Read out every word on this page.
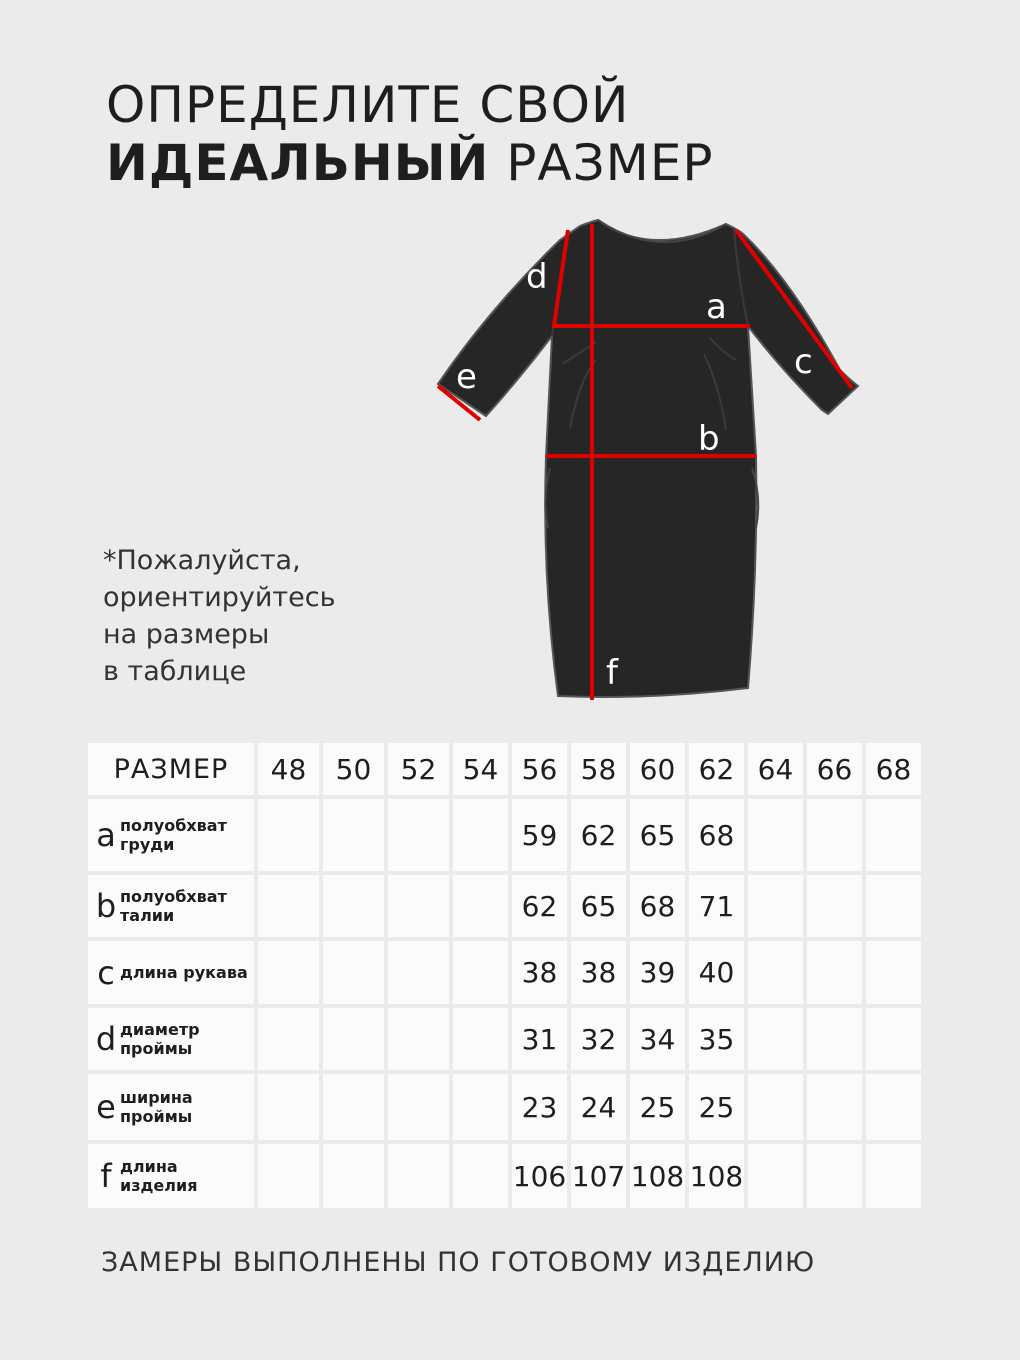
ОПРЕДЕЛИТЕ СВОЙ
ИДЕАЛЬНЫЙ РАЗМЕР
a
b
c
d
e
f
*Пожалуйста,
ориентируйтесь
на размеры
в таблице
РАЗМЕР	48	50	52	54	56	58	60	62	64	66	68
a полуобхват груди					59	62	65	68			
b полуобхват талии					62	65	68	71			
c длина рукава					38	38	39	40			
d диаметр проймы					31	32	34	35			
e ширина проймы					23	24	25	25			
f длина изделия					106	107	108	108			
ЗАМЕРЫ ВЫПОЛНЕНЫ ПО ГОТОВОМУ ИЗДЕЛИЮ
